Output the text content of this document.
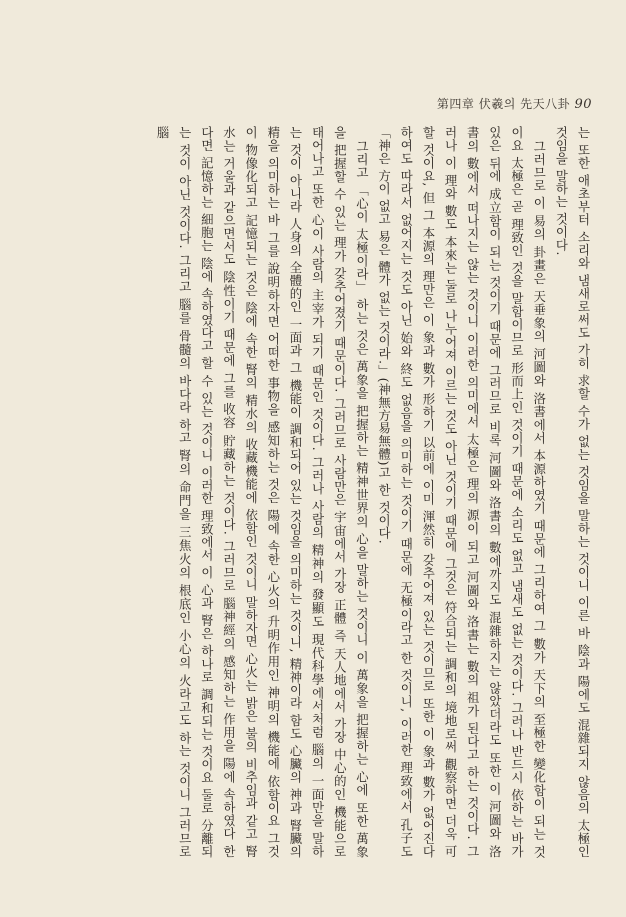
第四章 伏羲의 先天八卦 90

는 또한 애초부터 소리와 냄새로써도 가히 求할 수가 없는 것임을 말하는 것이니 이른 바 陰과 陽에도 混雜되지 않음의 太極인 것임을 말하는 것이다.

그러므로 이 易의 卦畫은 天垂象의 河圖와 洛書에서 本源하였기 때문에 그리하여 그 數가 天下의 至極한 變化함이 되는 것이요 太極은 곧 理致인 것을 말함이므로 形而上인 것이기 때문에 소리도 없고 냄새도 없는 것이다. 그러나 반드시 依하는 바가 있은 뒤에 成立함이 되는 것이기 때문에 그러므로 비록 河圖와 洛書의 數에까지도 混雜하지는 않았더라도 또한 이 河圖와 洛書의 數에서 떠나지는 않는 것이니 이러한 의미에서 太極은 理의 源이 되고 河圖와 洛書는 數의 祖가 된다고 하는 것이다. 그러나 이 理와 數도 本來는 둘로 나누어져 이르는 것도 아닌 것이기 때문에 그것은 符合되는 調和의 境地로써 觀察하면 더욱 可할 것이요, 但 그 本源의 理만은 이 象과 數가 形하기 以前에 이미 渾然히 갖추어져 있는 것이므로 또한 이 象과 數가 없어진다 하여도 따라서 없어지는 것도 아닌 始와 終도 없음을 의미하는 것이기 때문에 无極이라고 한 것이니, 이러한 理致에서 孔子도 「神은 方이 없고 易은 體가 없는 것이라.」(神無方易無體)고 한 것이다.

그리고 「心이 太極이라」 하는 것은 萬象을 把握하는 精神世界의 心을 말하는 것이니 이 萬象을 把握하는 心에 또한 萬象을 把握할 수 있는 理가 갖추어졌기 때문이다. 그러므로 사람만은 宇宙에서 가장 正體 즉 天人地에서 가장 中心的인 機能으로 태어나고 또한 心이 사람의 主宰가 되기 때문인 것이다. 그러나 사람의 精神의 發顯도 現代科學에서처럼 腦의 一面만을 말하는 것이 아니라 人身의 全體的인 一面과 그 機能이 調和되어 있는 것임을 의미하는 것이니, 精神이라 함도 心臟의 神과 腎臟의 精을 의미하는 바 그를 說明하자면 어떠한 事物을 感知하는 것은 陽에 속한 心火의 升明作用인 神明의 機能에 依함이요 그것이 物像化되고 記憶되는 것은 陰에 속한 腎의 精水의 收藏機能에 依함인 것이니 말하자면 心火는 밝은 불의 비추임과 같고 腎水는 거울과 같으면서도 陰性이기 때문에 그를 收容 貯藏하는 것이다. 그러므로 腦神經의 感知하는 作用을 陽에 속하였다 한다면 記憶하는 細胞는 陰에 속하였다고 할 수 있는 것이니 이러한 理致에서 이 心과 腎은 하나로 調和되는 것이요 둘로 分離되는 것이 아닌 것이다. 그리고 腦를 骨髓의 바다라 하고 腎의 命門을 三焦火의 根底인 小心의 火라고도 하는 것이니 그러므로 腦
